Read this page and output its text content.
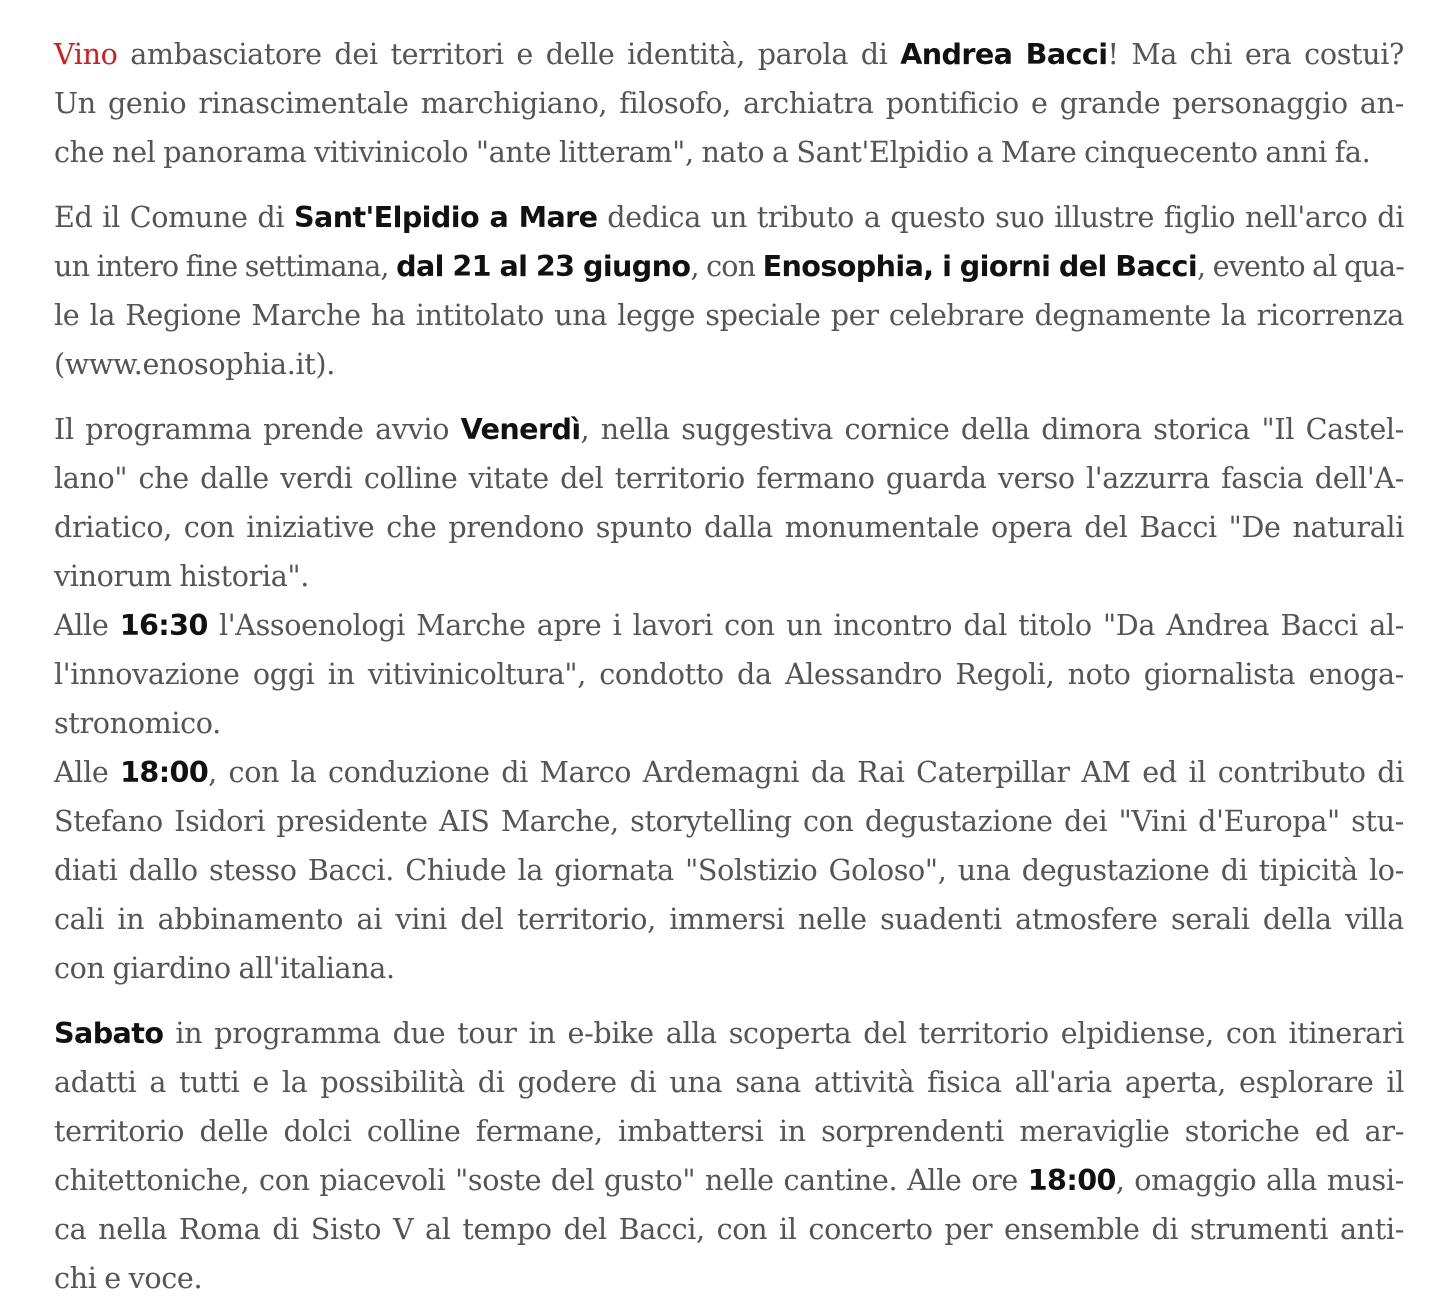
Vino ambasciatore dei territori e delle identità, parola di Andrea Bacci! Ma chi era costui?
Un genio rinascimentale marchigiano, filosofo, archiatra pontificio e grande personaggio an-
che nel panorama vitivinicolo "ante litteram", nato a Sant'Elpidio a Mare cinquecento anni fa.

Ed il Comune di Sant'Elpidio a Mare dedica un tributo a questo suo illustre figlio nell'arco di
un intero fine settimana, dal 21 al 23 giugno, con Enosophia, i giorni del Bacci, evento al qua-
le la Regione Marche ha intitolato una legge speciale per celebrare degnamente la ricorrenza
(www.enosophia.it).

Il programma prende avvio Venerdì, nella suggestiva cornice della dimora storica "Il Castel-
lano" che dalle verdi colline vitate del territorio fermano guarda verso l'azzurra fascia dell'A-
driatico, con iniziative che prendono spunto dalla monumentale opera del Bacci "De naturali
vinorum historia".
Alle 16:30 l'Assoenologi Marche apre i lavori con un incontro dal titolo "Da Andrea Bacci al-
l'innovazione oggi in vitivinicoltura", condotto da Alessandro Regoli, noto giornalista enoga-
stronomico.
Alle 18:00, con la conduzione di Marco Ardemagni da Rai Caterpillar AM ed il contributo di
Stefano Isidori presidente AIS Marche, storytelling con degustazione dei "Vini d'Europa" stu-
diati dallo stesso Bacci. Chiude la giornata "Solstizio Goloso", una degustazione di tipicità lo-
cali in abbinamento ai vini del territorio, immersi nelle suadenti atmosfere serali della villa
con giardino all'italiana.

Sabato in programma due tour in e-bike alla scoperta del territorio elpidiense, con itinerari
adatti a tutti e la possibilità di godere di una sana attività fisica all'aria aperta, esplorare il
territorio delle dolci colline fermane, imbattersi in sorprendenti meraviglie storiche ed ar-
chitettoniche, con piacevoli "soste del gusto" nelle cantine. Alle ore 18:00, omaggio alla musi-
ca nella Roma di Sisto V al tempo del Bacci, con il concerto per ensemble di strumenti anti-
chi e voce.
